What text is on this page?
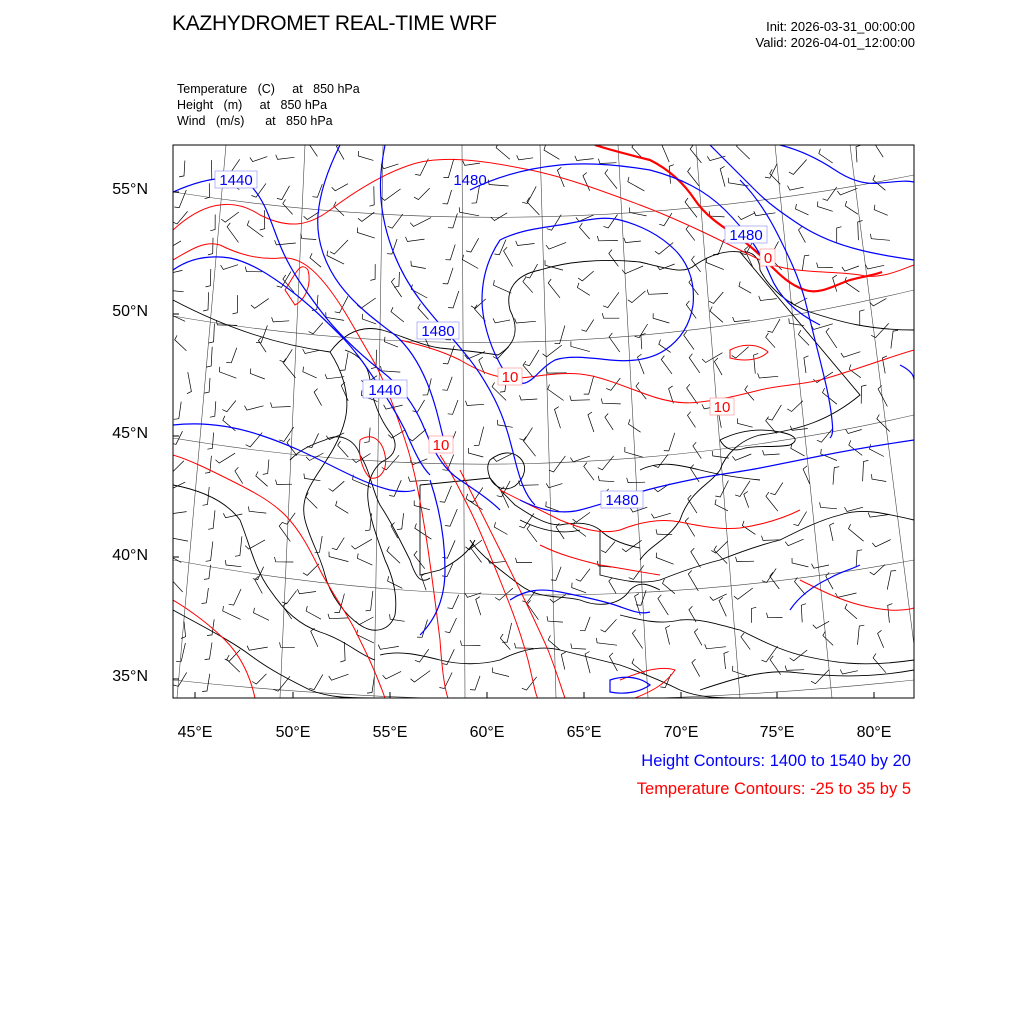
KAZHYDROMET REAL-TIME WRF	Init: 2026-03-31_00:00:00
Valid: 2026-04-01_12:00:00
Temperature   (C)     at   850 hPa
Height   (m)     at   850 hPa
Wind   (m/s)      at   850 hPa
1440	1480
1480
1480
1440
1480
0
10
10
10
55°N
50°N
45°N
40°N
35°N
45°E	50°E	55°E	60°E	65°E	70°E	75°E	80°E
Height Contours: 1400 to 1540 by 20
Temperature Contours: -25 to 35 by 5
